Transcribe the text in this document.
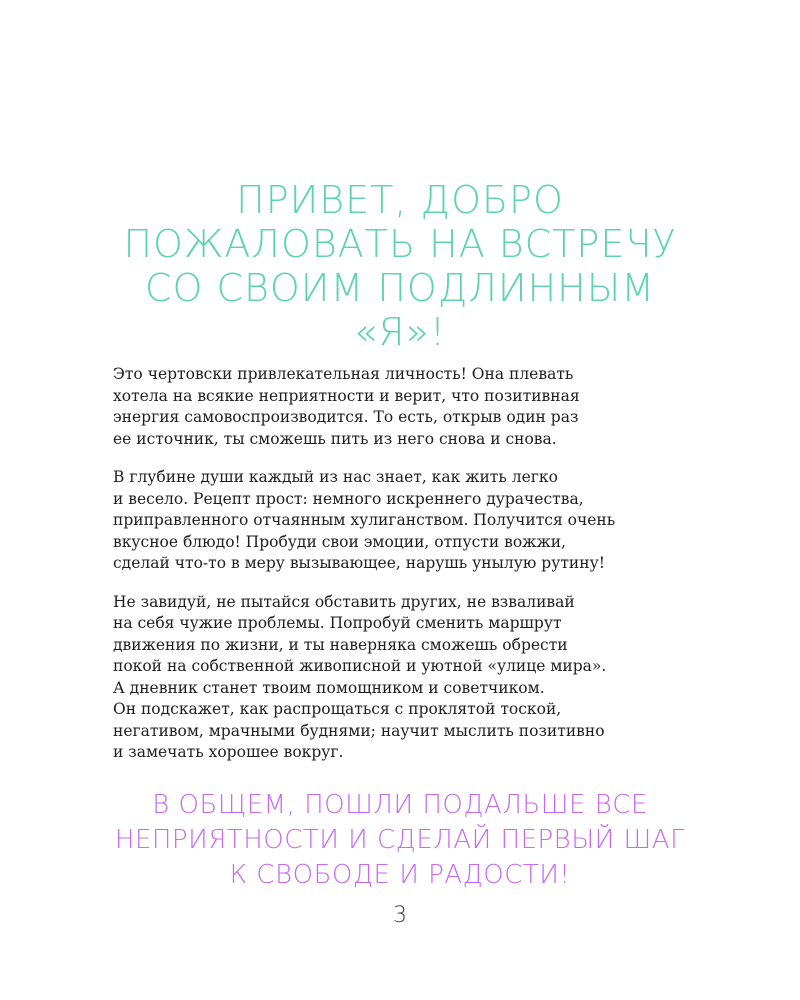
ПРИВЕТ, ДОБРО
ПОЖАЛОВАТЬ НА ВСТРЕЧУ
СО СВОИМ ПОДЛИННЫМ
«Я»!
Это чертовски привлекательная личность! Она плевать
хотела на всякие неприятности и верит, что позитивная
энергия самовоспроизводится. То есть, открыв один раз
ее источник, ты сможешь пить из него снова и снова.
В глубине души каждый из нас знает, как жить легко
и весело. Рецепт прост: немного искреннего дурачества,
приправленного отчаянным хулиганством. Получится очень
вкусное блюдо! Пробуди свои эмоции, отпусти вожжи,
сделай что-то в меру вызывающее, нарушь унылую рутину!
Не завидуй, не пытайся обставить других, не взваливай
на себя чужие проблемы. Попробуй сменить маршрут
движения по жизни, и ты наверняка сможешь обрести
покой на собственной живописной и уютной «улице мира».
А дневник станет твоим помощником и советчиком.
Он подскажет, как распрощаться с проклятой тоской,
негативом, мрачными буднями; научит мыслить позитивно
и замечать хорошее вокруг.
В ОБЩЕМ, ПОШЛИ ПОДАЛЬШЕ ВСЕ
НЕПРИЯТНОСТИ И СДЕЛАЙ ПЕРВЫЙ ШАГ
К СВОБОДЕ И РАДОСТИ!
3
